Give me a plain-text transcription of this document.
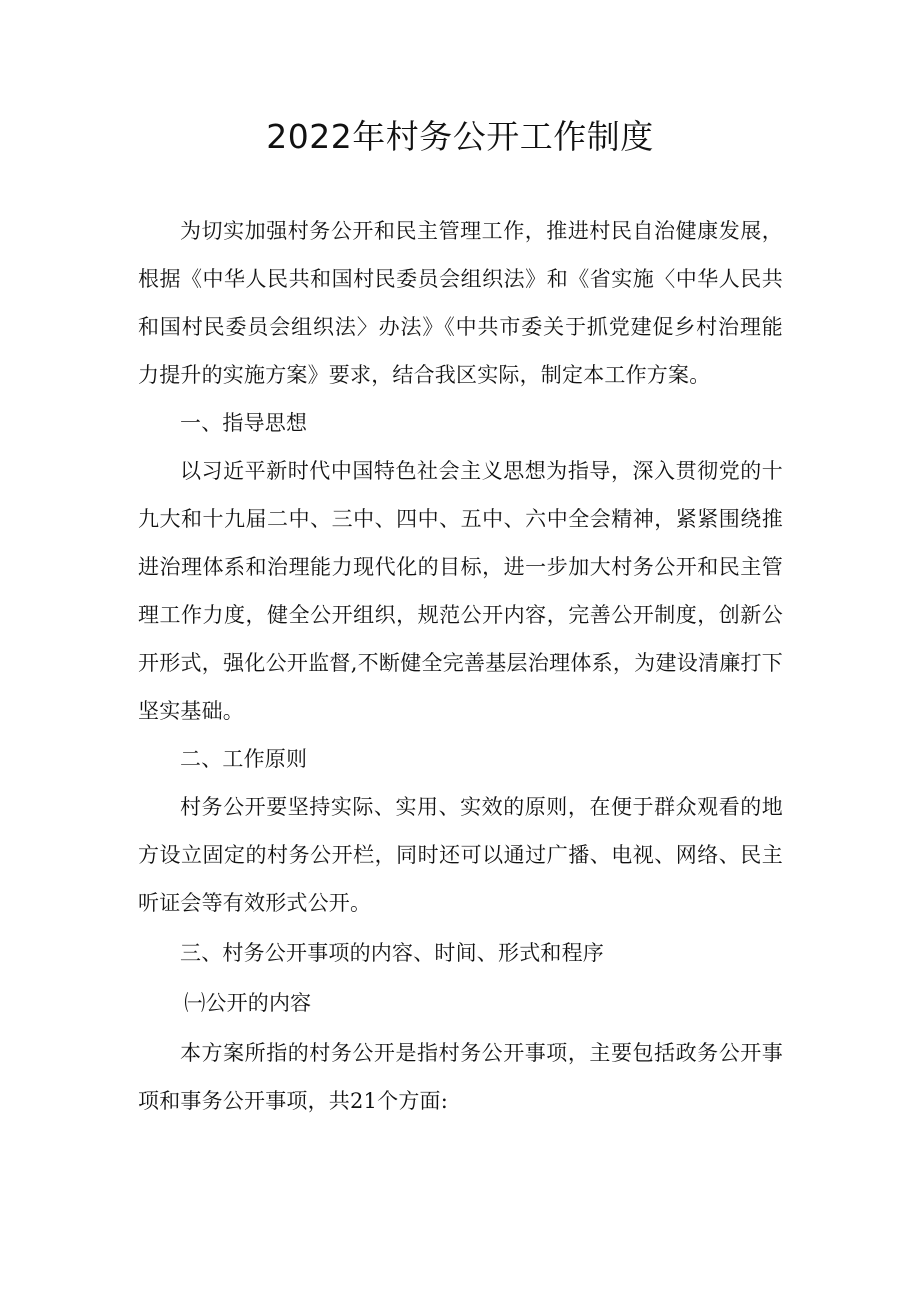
2022年村务公开工作制度

为切实加强村务公开和民主管理工作，推进村民自治健康发展，根据《中华人民共和国村民委员会组织法》和《省实施〈中华人民共和国村民委员会组织法〉办法》《中共市委关于抓党建促乡村治理能力提升的实施方案》要求，结合我区实际，制定本工作方案。

一、指导思想

以习近平新时代中国特色社会主义思想为指导，深入贯彻党的十九大和十九届二中、三中、四中、五中、六中全会精神，紧紧围绕推进治理体系和治理能力现代化的目标，进一步加大村务公开和民主管理工作力度，健全公开组织，规范公开内容，完善公开制度，创新公开形式，强化公开监督,不断健全完善基层治理体系，为建设清廉打下坚实基础。

二、工作原则

村务公开要坚持实际、实用、实效的原则，在便于群众观看的地方设立固定的村务公开栏，同时还可以通过广播、电视、网络、民主听证会等有效形式公开。

三、村务公开事项的内容、时间、形式和程序

㈠公开的内容

本方案所指的村务公开是指村务公开事项，主要包括政务公开事项和事务公开事项，共21个方面:
